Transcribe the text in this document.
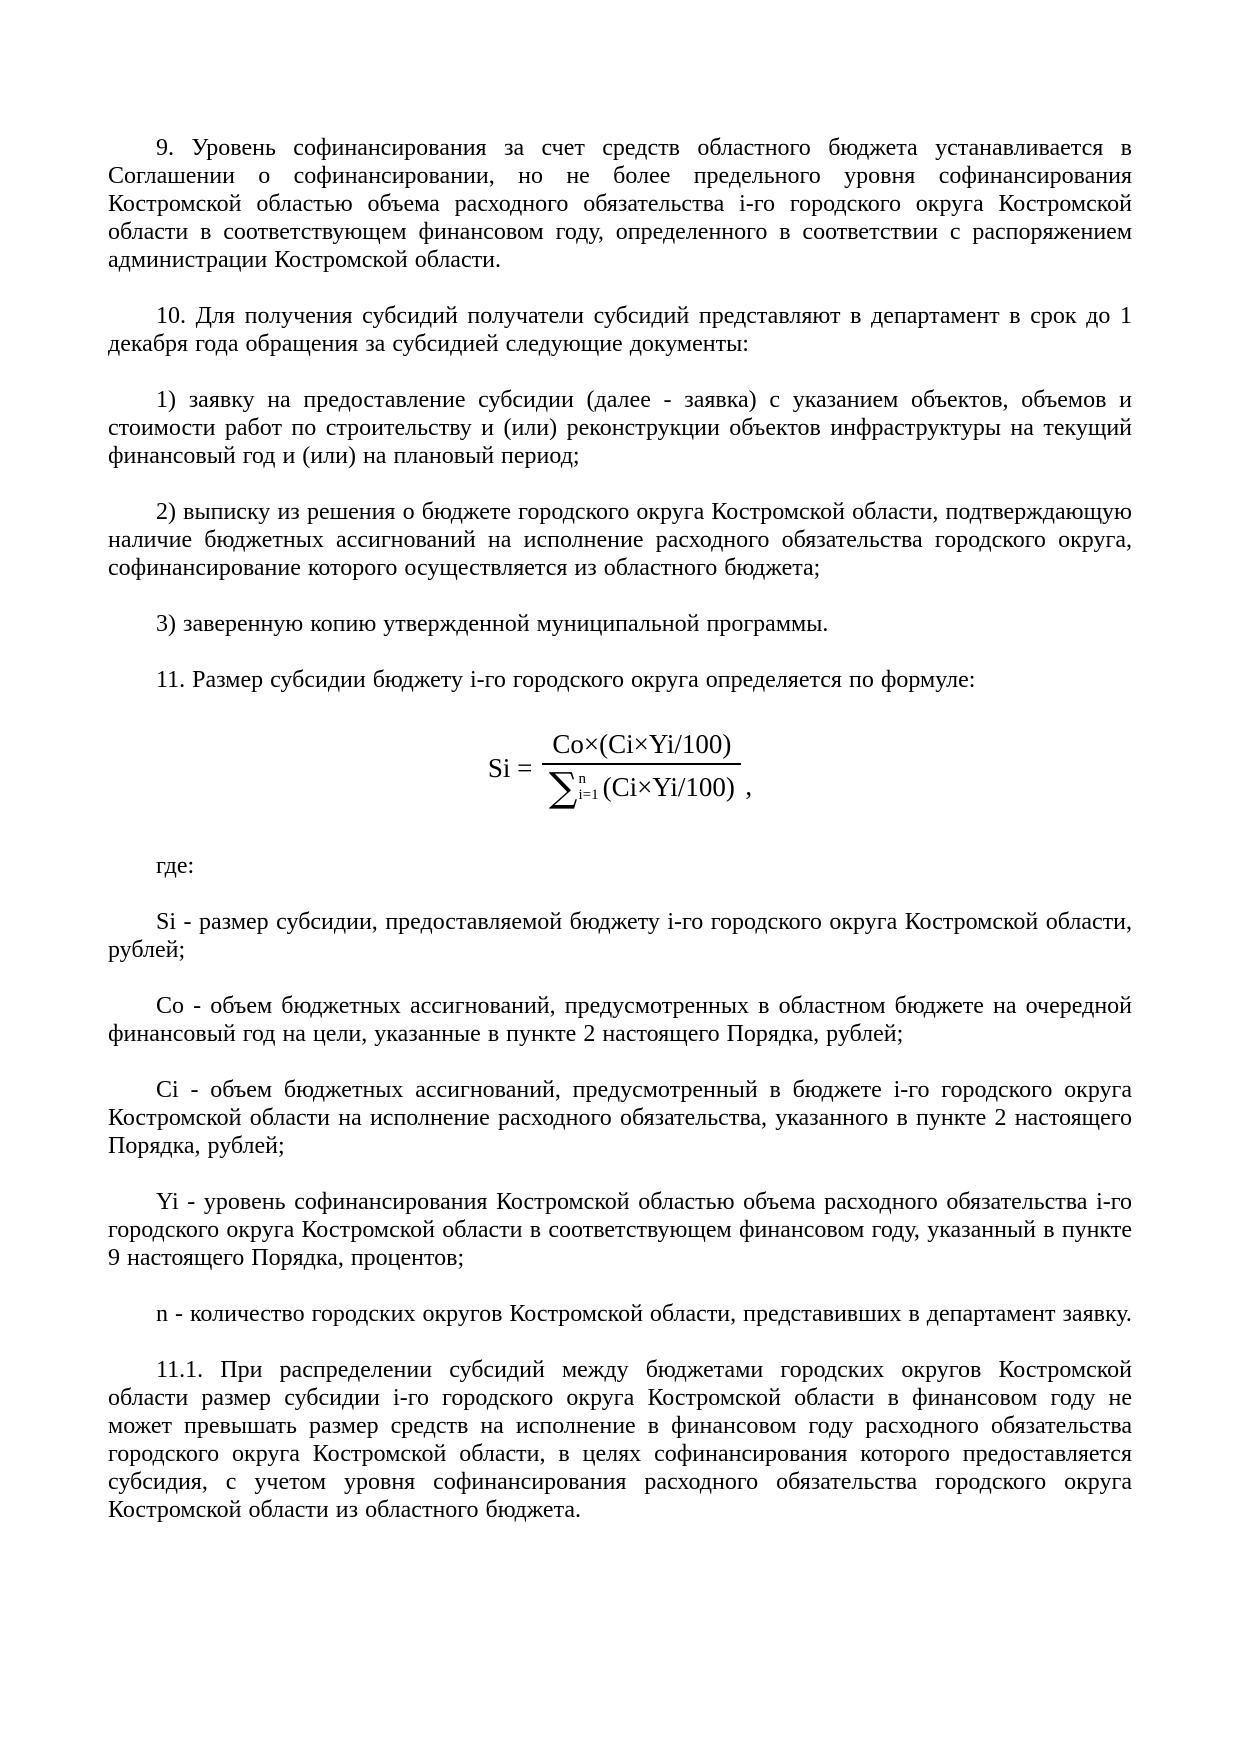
9. Уровень софинансирования за счет средств областного бюджета устанавливается в Соглашении о софинансировании, но не более предельного уровня софинансирования Костромской областью объема расходного обязательства i-го городского округа Костромской области в соответствующем финансовом году, определенного в соответствии с распоряжением администрации Костромской области.

10. Для получения субсидий получатели субсидий представляют в департамент в срок до 1 декабря года обращения за субсидией следующие документы:

1) заявку на предоставление субсидии (далее - заявка) с указанием объектов, объемов и стоимости работ по строительству и (или) реконструкции объектов инфраструктуры на текущий финансовый год и (или) на плановый период;

2) выписку из решения о бюджете городского округа Костромской области, подтверждающую наличие бюджетных ассигнований на исполнение расходного обязательства городского округа, софинансирование которого осуществляется из областного бюджета;

3) заверенную копию утвержденной муниципальной программы.

11. Размер субсидии бюджету i-го городского округа определяется по формуле:

Si =
Co×(Ci×Yi/100)
∑ n
i=1 (Ci×Yi/100) ,

где:

Si - размер субсидии, предоставляемой бюджету i-го городского округа Костромской области, рублей;

Co - объем бюджетных ассигнований, предусмотренных в областном бюджете на очередной финансовый год на цели, указанные в пункте 2 настоящего Порядка, рублей;

Ci - объем бюджетных ассигнований, предусмотренный в бюджете i-го городского округа Костромской области на исполнение расходного обязательства, указанного в пункте 2 настоящего Порядка, рублей;

Yi - уровень софинансирования Костромской областью объема расходного обязательства i-го городского округа Костромской области в соответствующем финансовом году, указанный в пункте 9 настоящего Порядка, процентов;

n - количество городских округов Костромской области, представивших в департамент заявку.

11.1. При распределении субсидий между бюджетами городских округов Костромской области размер субсидии i-го городского округа Костромской области в финансовом году не может превышать размер средств на исполнение в финансовом году расходного обязательства городского округа Костромской области, в целях софинансирования которого предоставляется субсидия, с учетом уровня софинансирования расходного обязательства городского округа Костромской области из областного бюджета.
